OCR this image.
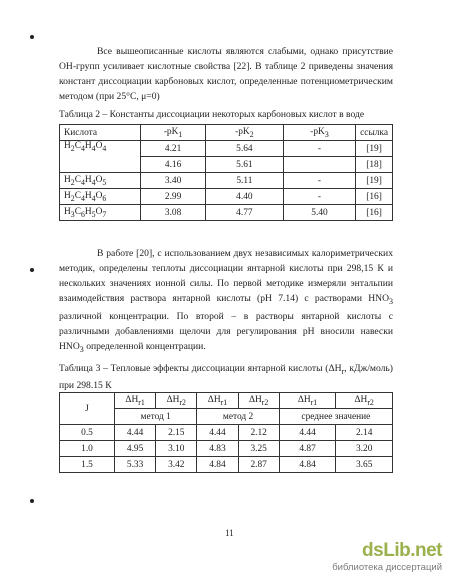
Все вышеописанные кислоты являются слабыми, однако присутствие ОН-групп усиливает кислотные свойства [22]. В таблице 2 приведены значения констант диссоциации карбоновых кислот, определенные потенциометрическим методом (при 25°С, μ=0)

Таблица 2 – Константы диссоциации некоторых карбоновых кислот в воде
Кислота	$-pK_1$	$-pK_2$	$-pK_3$	ссылка
$H_2C_4H_4O_4$	4.21	5.64	-	[19]
	4.16	5.61		[18]
$H_2C_4H_4O_5$	3.40	5.11	-	[19]
$H_2C_4H_4O_6$	2.99	4.40	-	[16]
$H_3C_6H_5O_7$	3.08	4.77	5.40	[16]

В работе [20], с использованием двух независимых калориметрических методик, определены теплоты диссоциации янтарной кислоты при 298,15 К и нескольких значениях ионной силы. По первой методике измеряли энтальпии взаимодействия раствора янтарной кислоты (рН 7.14) с растворами $HNO_3$ различной концентрации. По второй – в растворы янтарной кислоты с различными добавлениями щелочи для регулирования рН вносили навески $HNO_3$ определенной концентрации.

Таблица 3 – Тепловые эффекты диссоциации янтарной кислоты ($\Delta H_r$, кДж/моль) при 298.15 К
J	$\Delta H_{r1}$	$\Delta H_{r2}$	$\Delta H_{r1}$	$\Delta H_{r2}$	$\Delta H_{r1}$	$\Delta H_{r2}$
	метод 1		метод 2		среднее значение	
0.5	4.44	2.15	4.44	2.12	4.44	2.14
1.0	4.95	3.10	4.83	3.25	4.87	3.20
1.5	5.33	3.42	4.84	2.87	4.84	3.65
11
dsLib.net
библиотека диссертаций
